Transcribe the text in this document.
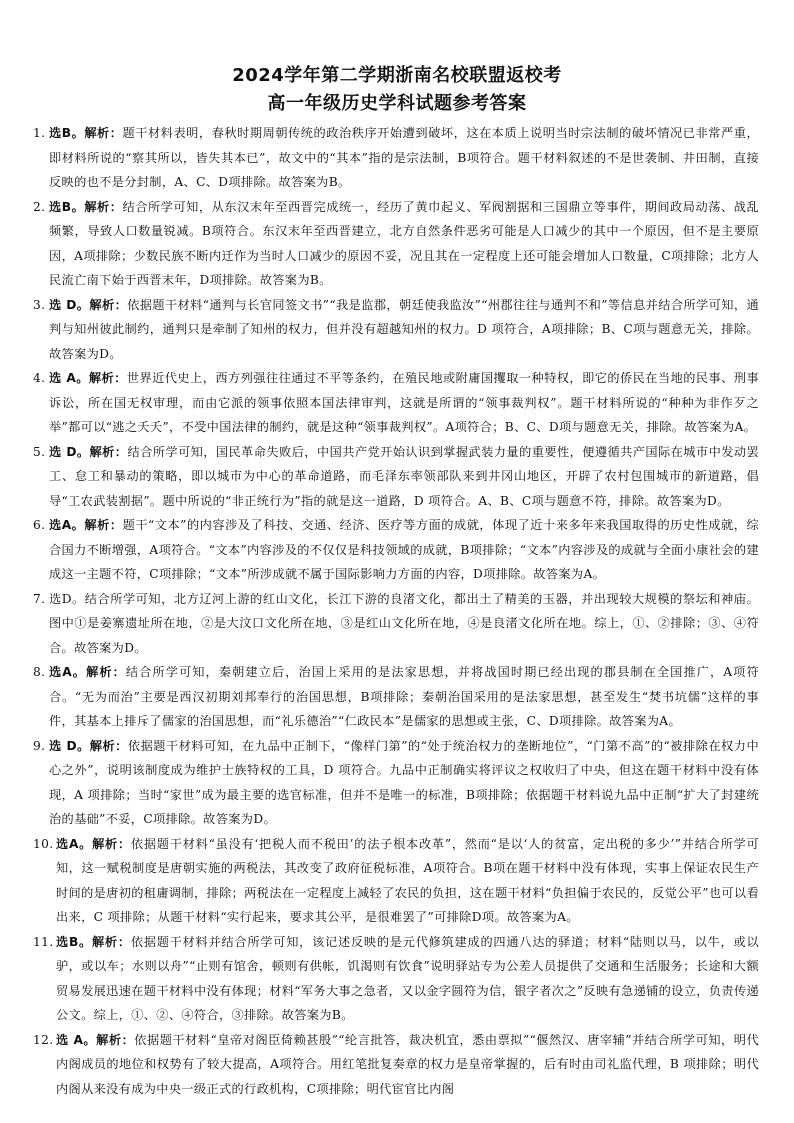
2024学年第二学期浙南名校联盟返校考
高一年级历史学科试题参考答案
1. 选B。解析：题干材料表明，春秋时期周朝传统的政治秩序开始遭到破坏，这在本质上说明当时宗法制的破坏情况已非常严重，即材料所说的“察其所以，皆失其本已”，故文中的“其本”指的是宗法制，B项符合。题干材料叙述的不是世袭制、井田制，直接反映的也不是分封制，A、C、D项排除。故答案为B。
2. 选B。解析：结合所学可知，从东汉末年至西晋完成统一，经历了黄巾起义、军阀割据和三国鼎立等事件，期间政局动荡、战乱频繁，导致人口数量锐减。B项符合。东汉末年至西晋建立，北方自然条件恶劣可能是人口减少的其中一个原因，但不是主要原因，A项排除；少数民族不断内迁作为当时人口减少的原因不妥，况且其在一定程度上还可能会增加人口数量，C项排除；北方人民流亡南下始于西晋末年，D项排除。故答案为B。
3. 选 D。解析：依据题干材料“通判与长官同签文书”“我是监郡，朝廷使我监汝”“州郡往往与通判不和”等信息并结合所学可知，通判与知州彼此制约，通判只是牵制了知州的权力，但并没有超越知州的权力。D 项符合，A项排除；B、C项与题意无关，排除。故答案为D。
4. 选 A。解析：世界近代史上，西方列强往往通过不平等条约，在殖民地或附庸国攫取一种特权，即它的侨民在当地的民事、刑事诉讼，所在国无权审理，而由它派的领事依照本国法律审判，这就是所谓的“领事裁判权”。题干材料所说的“种种为非作歹之举”都可以“逃之夭夭”，不受中国法律的制约，就是这种“领事裁判权”。A项符合；B、C、D项与题意无关，排除。故答案为A。
5. 选 D。解析：结合所学可知，国民革命失败后，中国共产党开始认识到掌握武装力量的重要性，便遵循共产国际在城市中发动罢工、怠工和暴动的策略，即以城市为中心的革命道路，而毛泽东率领部队来到井冈山地区，开辟了农村包围城市的新道路，倡导“工农武装割据”。题中所说的“非正统行为”指的就是这一道路，D 项符合。A、B、C项与题意不符，排除。故答案为D。
6. 选A。解析：题干“文本”的内容涉及了科技、交通、经济、医疗等方面的成就，体现了近十来多年来我国取得的历史性成就，综合国力不断增强，A项符合。“文本”内容涉及的不仅仅是科技领域的成就，B项排除；“文本”内容涉及的成就与全面小康社会的建成这一主题不符，C项排除；“文本”所涉成就不属于国际影响力方面的内容，D项排除。故答案为A。
7. 选D。结合所学可知，北方辽河上游的红山文化，长江下游的良渚文化，都出土了精美的玉器，并出现较大规模的祭坛和神庙。图中①是姜寨遗址所在地，②是大汶口文化所在地，③是红山文化所在地，④是良渚文化所在地。综上，①、②排除；③、④符合。故答案为D。
8. 选A。解析：结合所学可知，秦朝建立后，治国上采用的是法家思想，并将战国时期已经出现的郡县制在全国推广，A项符合。“无为而治”主要是西汉初期刘邦奉行的治国思想，B项排除；秦朝治国采用的是法家思想，甚至发生“焚书坑儒”这样的事件，其基本上排斥了儒家的治国思想，而“礼乐德治”“仁政民本”是儒家的思想或主张，C、D项排除。故答案为A。
9. 选 D。解析：依据题干材料可知，在九品中正制下，“像样门第”的“处于统治权力的垄断地位”，“门第不高”的“被排除在权力中心之外”，说明该制度成为维护士族特权的工具，D 项符合。九品中正制确实将评议之权收归了中央，但这在题干材料中没有体现，A 项排除；当时“家世”成为最主要的选官标准，但并不是唯一的标准，B项排除；依据题干材料说九品中正制“扩大了封建统治的基础”不妥，C项排除。故答案为D。
10. 选A。解析：依据题干材料“虽没有‘把税人而不税田’的法子根本改革”，然而“是以‘人的贫富，定出税的多少’”并结合所学可知，这一赋税制度是唐朝实施的两税法，其改变了政府征税标准，A项符合。B项在题干材料中没有体现，实事上保证农民生产时间的是唐初的租庸调制，排除；两税法在一定程度上减轻了农民的负担，这在题干材料“负担偏于农民的，反觉公平”也可以看出来，C 项排除；从题干材料“实行起来，要求其公平，是很难罢了”可排除D项。故答案为A。
11. 选B。解析：依据题干材料并结合所学可知，该记述反映的是元代修筑建成的四通八达的驿道；材料“陆则以马，以牛，或以驴，或以车；水则以舟”“止则有馆舍，顿则有供帐，饥渴则有饮食”说明驿站专为公差人员提供了交通和生活服务；长途和大额贸易发展迅速在题干材料中没有体现；材料“军务大事之急者，又以金字圆符为信，银字者次之”反映有急递铺的设立，负责传递公文。综上，①、②、④符合，③排除。故答案为B。
12. 选 A。解析：依据题干材料“皇帝对阁臣倚赖甚殷”“纶言批答，裁决机宜，悉由票拟”“偃然汉、唐宰辅”并结合所学可知，明代内阁成员的地位和权势有了较大提高，A项符合。用红笔批复奏章的权力是皇帝掌握的，后有时由司礼监代理，B 项排除；明代内阁从来没有成为中央一级正式的行政机构，C项排除；明代宦官比内阁
